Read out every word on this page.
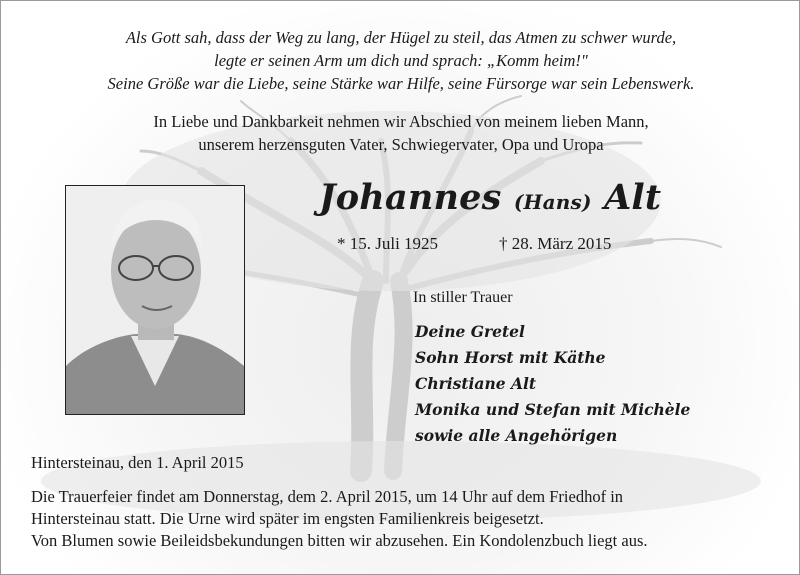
Als Gott sah, dass der Weg zu lang, der Hügel zu steil, das Atmen zu schwer wurde,
legte er seinen Arm um dich und sprach: „Komm heim!"
Seine Größe war die Liebe, seine Stärke war Hilfe, seine Fürsorge war sein Lebenswerk.
In Liebe und Dankbarkeit nehmen wir Abschied von meinem lieben Mann,
unserem herzensguten Vater, Schwiegervater, Opa und Uropa
Johannes (Hans) Alt
* 15. Juli 1925	† 28. März 2015
In stiller Trauer
Deine Gretel
Sohn Horst mit Käthe
Christiane Alt
Monika und Stefan mit Michèle
sowie alle Angehörigen
Hintersteinau, den 1. April 2015
Die Trauerfeier findet am Donnerstag, dem 2. April 2015, um 14 Uhr auf dem Friedhof in
Hintersteinau statt. Die Urne wird später im engsten Familienkreis beigesetzt.
Von Blumen sowie Beileidsbekundungen bitten wir abzusehen. Ein Kondolenzbuch liegt aus.
